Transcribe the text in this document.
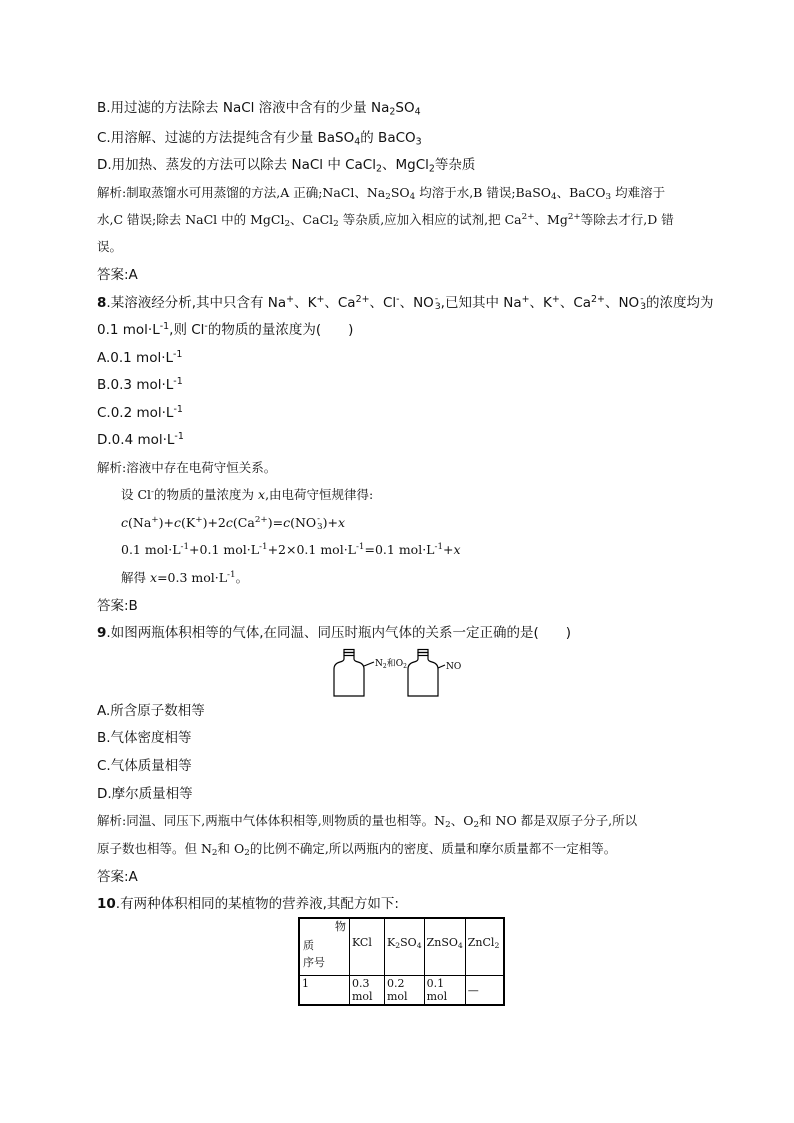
B.用过滤的方法除去 NaCl 溶液中含有的少量 $Na_2SO_4$
C.用溶解、过滤的方法提纯含有少量 BaSO$_4$的 BaCO$_3$
D.用加热、蒸发的方法可以除去 NaCl 中 CaCl$_2$、MgCl$_2$等杂质
解析:制取蒸馏水可用蒸馏的方法,A 正确;NaCl、$Na_2SO_4$ 均溶于水,B 错误;BaSO$_4$、BaCO$_3$ 均难溶于
水,C 错误;除去 NaCl 中的 MgCl$_2$、CaCl$_2$ 等杂质,应加入相应的试剂,把 $Ca^{2+}$、$Mg^{2+}$等除去才行,D 错
误。
答案:A
8.某溶液经分析,其中只含有 Na+、K+、$Ca^{2+}$、Cl-、NO -
3 ,已知其中 Na+、K+、$Ca^{2+}$、NO -
3 的浓度均为
0.1 $mol\cdot L^{-1}$,则 Cl-的物质的量浓度为(　　)
A.0.1 $mol\cdot L^{-1}$
B.0.3 $mol\cdot L^{-1}$
C.0.2 $mol\cdot L^{-1}$
D.0.4 $mol\cdot L^{-1}$
解析:溶液中存在电荷守恒关系。
设 Cl-的物质的量浓度为 x,由电荷守恒规律得:
$c(Na^+)+c(K^+)+2c(Ca^{2+})=c(NO$ -
3 )+x
0.1 $mol\cdot L^{-1}+0.1$ $mol\cdot L^{-1}+2\times 0.1$ $mol\cdot L^{-1}=0.1$ $mol\cdot L^{-1}+x$
解得 x=0.3 $mol\cdot L^{-1}$。
答案:B
9.如图两瓶体积相等的气体,在同温、同压时瓶内气体的关系一定正确的是(　　)
$N_2$和$O_2$	NO
A.所含原子数相等
B.气体密度相等
C.气体质量相等
D.摩尔质量相等
解析:同温、同压下,两瓶中气体体积相等,则物质的量也相等。$N_2$、$O_2$和 NO 都是双原子分子,所以
原子数也相等。但 $N_2$和 $O_2$的比例不确定,所以两瓶内的密度、质量和摩尔质量都不一定相等。
答案:A
10.有两种体积相同的某植物的营养液,其配方如下:
物
质
序号	KCl	$K_2SO_4$	ZnSO$_4$	ZnCl$_2$
1	0.3 mol	0.2 mol	0.1 mol	—
